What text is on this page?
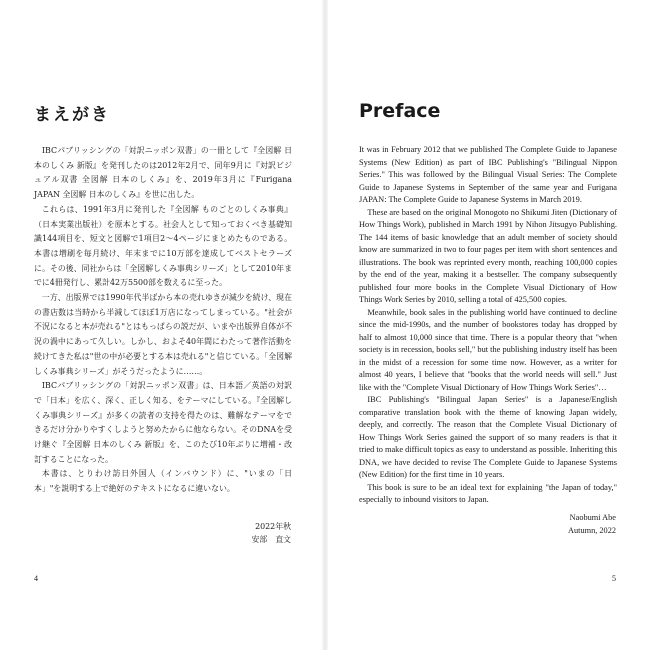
まえがき

IBCパブリッシングの「対訳ニッポン双書」の一冊として『全図解 日本のしくみ 新版』を発刊したのは2012年2月で、同年9月に『対訳ビジュアル双書 全図解 日本のしくみ』を、2019年3月に『Furigana JAPAN 全図解 日本のしくみ』を世に出した。

これらは、1991年3月に発刊した『全図解 ものごとのしくみ事典』（日本実業出版社）を原本とする。社会人として知っておくべき基礎知識144項目を、短文と図解で1項目2〜4ページにまとめたものである。本書は増刷を毎月続け、年末までに10万部を達成してベストセラーズに。その後、同社からは「全図解しくみ事典シリーズ」として2010年までに4冊発行し、累計42万5500部を数えるに至った。

一方、出版界では1990年代半ばから本の売れゆきが減少を続け、現在の書店数は当時から半減してほぼ1万店になってしまっている。"社会が不況になると本が売れる"とはもっぱらの説だが、いまや出版界自体が不況の渦中にあって久しい。しかし、およそ40年間にわたって著作活動を続けてきた私は"世の中が必要とする本は売れる"と信じている。「全図解しくみ事典シリーズ」がそうだったように……。

IBCパブリッシングの「対訳ニッポン双書」は、日本語／英語の対訳で「日本」を広く、深く、正しく知る、をテーマにしている。『全図解しくみ事典シリーズ』が多くの読者の支持を得たのは、難解なテーマをできるだけ分かりやすくしようと努めたからに他ならない。そのDNAを受け継ぐ『全図解 日本のしくみ 新版』を、このたび10年ぶりに増補・改訂することになった。

本書は、とりわけ訪日外国人（インバウンド）に、"いまの「日本」"を説明する上で絶好のテキストになるに違いない。

2022年秋
安部　直文
4
Preface

It was in February 2012 that we published The Complete Guide to Japanese Systems (New Edition) as part of IBC Publishing's "Bilingual Nippon Series." This was followed by the Bilingual Visual Series: The Complete Guide to Japanese Systems in September of the same year and Furigana JAPAN: The Complete Guide to Japanese Systems in March 2019.

These are based on the original Monogoto no Shikumi Jiten (Dictionary of How Things Work), published in March 1991 by Nihon Jitsugyo Publishing. The 144 items of basic knowledge that an adult member of society should know are summarized in two to four pages per item with short sentences and illustrations. The book was reprinted every month, reaching 100,000 copies by the end of the year, making it a bestseller. The company subsequently published four more books in the Complete Visual Dictionary of How Things Work Series by 2010, selling a total of 425,500 copies.

Meanwhile, book sales in the publishing world have continued to decline since the mid-1990s, and the number of bookstores today has dropped by half to almost 10,000 since that time. There is a popular theory that "when society is in recession, books sell," but the publishing industry itself has been in the midst of a recession for some time now. However, as a writer for almost 40 years, I believe that "books that the world needs will sell." Just like with the "Complete Visual Dictionary of How Things Work Series"…

IBC Publishing's "Bilingual Japan Series" is a Japanese/English comparative translation book with the theme of knowing Japan widely, deeply, and correctly. The reason that the Complete Visual Dictionary of How Things Work Series gained the support of so many readers is that it tried to make difficult topics as easy to understand as possible. Inheriting this DNA, we have decided to revise The Complete Guide to Japanese Systems (New Edition) for the first time in 10 years.

This book is sure to be an ideal text for explaining "the Japan of today," especially to inbound visitors to Japan.

Naobumi Abe
Autumn, 2022
5
